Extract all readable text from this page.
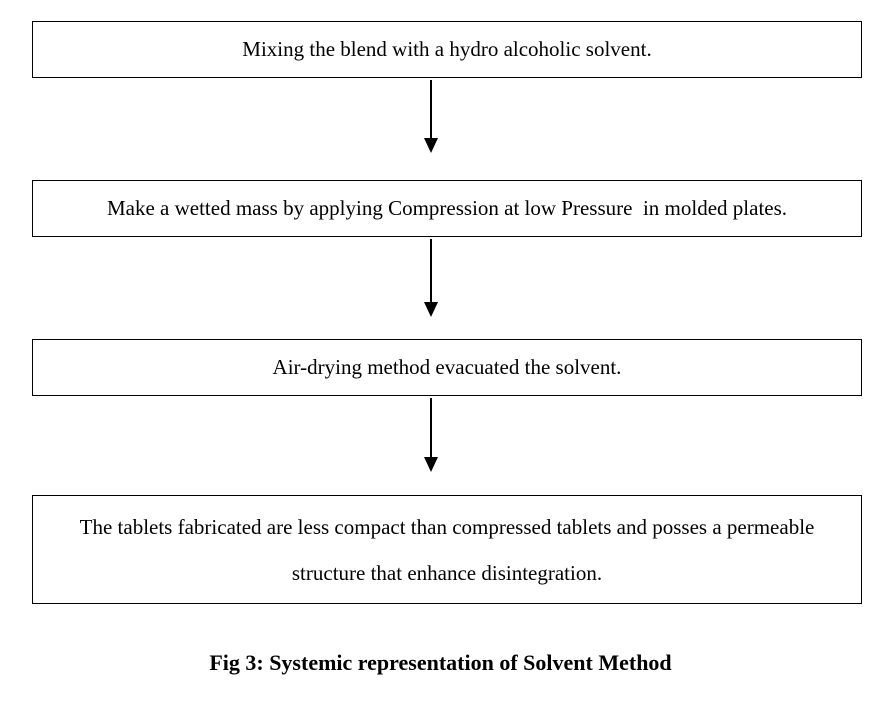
Mixing the blend with a hydro alcoholic solvent.
Make a wetted mass by applying Compression at low Pressure  in molded plates.
Air-drying method evacuated the solvent.
The tablets fabricated are less compact than compressed tablets and posses a permeable structure that enhance disintegration.
Fig 3: Systemic representation of Solvent Method
